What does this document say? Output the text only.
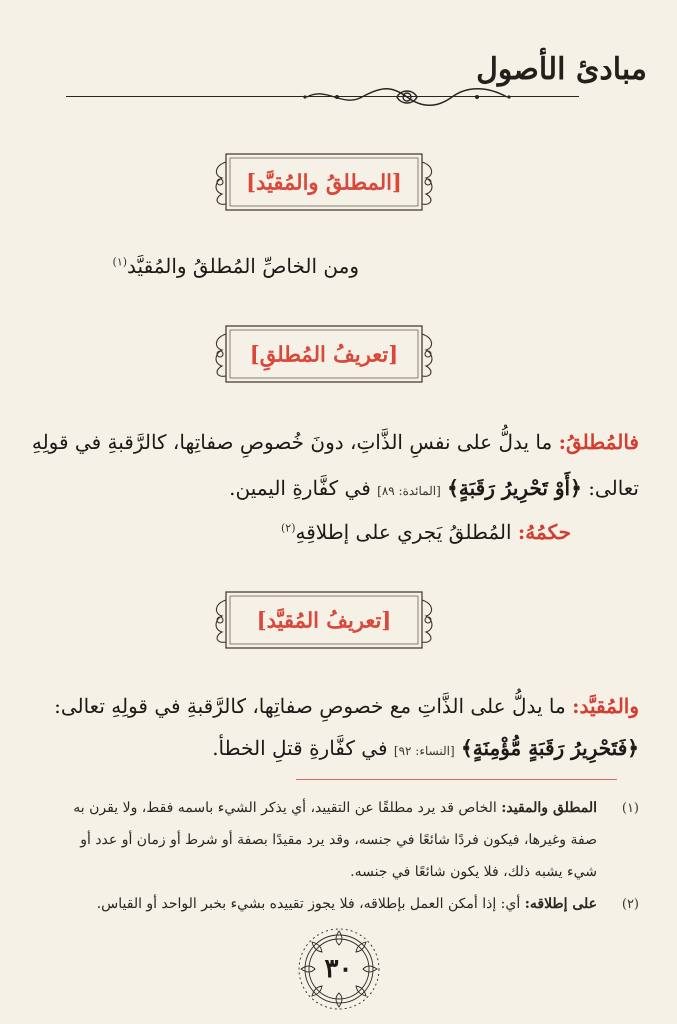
مبادئ الأصول
[المطلقُ والمُقيَّد]
ومن الخاصِّ المُطلقُ والمُقيَّد$^{(١)}$
[تعريفُ المُطلقِ]
فالمُطلقُ: ما يدلُّ على نفسِ الذَّاتِ، دونَ خُصوصِ صفاتِها، كالرَّقبةِ في قولِهِ
تعالى: ﴿أَوْ تَحْرِيرُ رَقَبَةٍ﴾ [المائدة: ٨٩] في كفَّارةِ اليمين.
حكمُهُ: المُطلقُ يَجري على إطلاقِهِ$^{(٢)}$
[تعريفُ المُقيَّد]
والمُقيَّد: ما يدلُّ على الذَّاتِ مع خصوصِ صفاتِها، كالرَّقبةِ في قولِهِ تعالى:
﴿فَتَحْرِيرُ رَقَبَةٍ مُّؤْمِنَةٍ﴾ [النساء: ٩٢] في كفَّارةِ قتلِ الخطأ.
(١)
المطلق والمقيد: الخاص قد يرد مطلقًا عن التقييد، أي يذكر الشيء باسمه فقط، ولا يقرن به
صفة وغيرها، فيكون فردًا شائعًا في جنسه، وقد يرد مقيدًا بصفة أو شرط أو زمان أو عدد أو
شيء يشبه ذلك، فلا يكون شائعًا في جنسه.
(٢)
على إطلاقه: أي: إذا أمكن العمل بإطلاقه، فلا يجوز تقييده بشيء بخبر الواحد أو القياس.
٣٠
